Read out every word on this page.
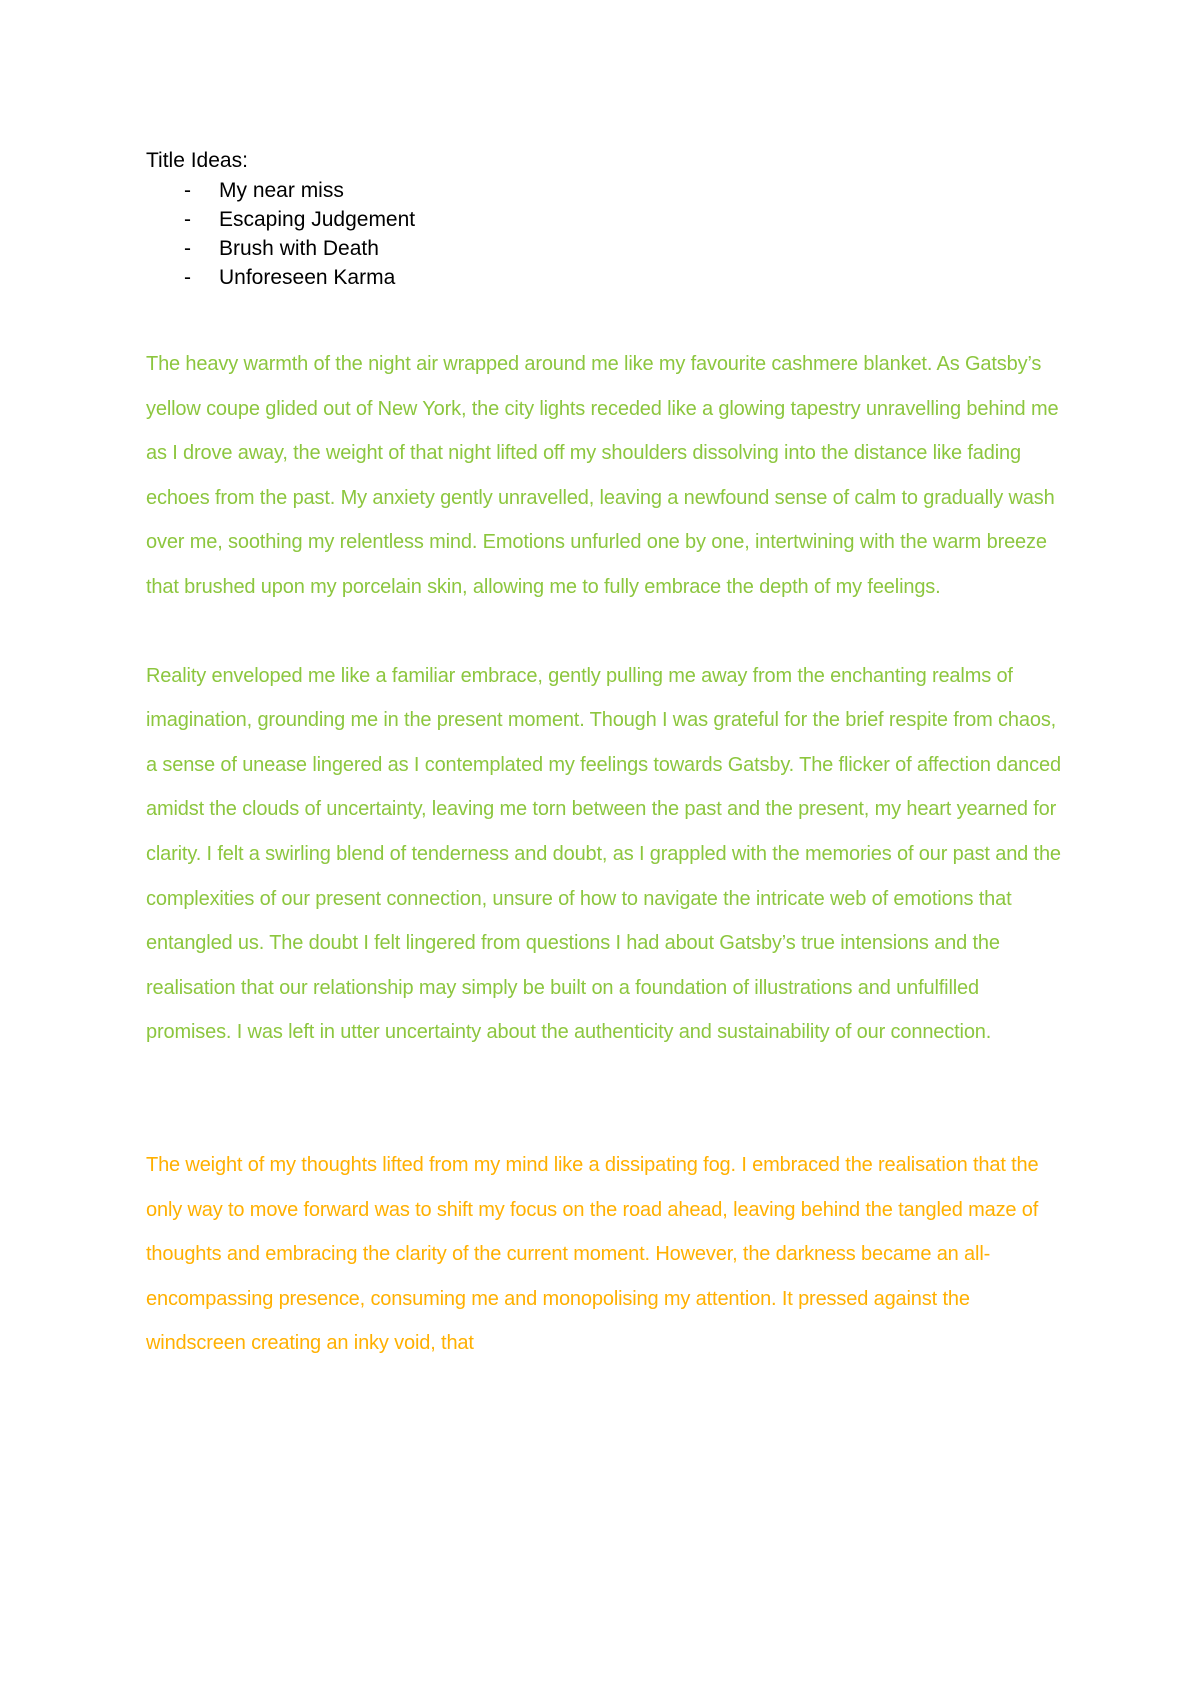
Title Ideas:

- My near miss
- Escaping Judgement
- Brush with Death
- Unforeseen Karma

The heavy warmth of the night air wrapped around me like my favourite cashmere blanket. As Gatsby’s yellow coupe glided out of New York, the city lights receded like a glowing tapestry unravelling behind me as I drove away, the weight of that night lifted off my shoulders dissolving into the distance like fading echoes from the past. My anxiety gently unravelled, leaving a newfound sense of calm to gradually wash over me, soothing my relentless mind. Emotions unfurled one by one, intertwining with the warm breeze that brushed upon my porcelain skin, allowing me to fully embrace the depth of my feelings.

Reality enveloped me like a familiar embrace, gently pulling me away from the enchanting realms of imagination, grounding me in the present moment. Though I was grateful for the brief respite from chaos, a sense of unease lingered as I contemplated my feelings towards Gatsby. The flicker of affection danced amidst the clouds of uncertainty, leaving me torn between the past and the present, my heart yearned for clarity. I felt a swirling blend of tenderness and doubt, as I grappled with the memories of our past and the complexities of our present connection, unsure of how to navigate the intricate web of emotions that entangled us. The doubt I felt lingered from questions I had about Gatsby’s true intensions and the realisation that our relationship may simply be built on a foundation of illustrations and unfulfilled promises. I was left in utter uncertainty about the authenticity and sustainability of our connection.

The weight of my thoughts lifted from my mind like a dissipating fog. I embraced the realisation that the only way to move forward was to shift my focus on the road ahead, leaving behind the tangled maze of thoughts and embracing the clarity of the current moment. However, the darkness became an all-encompassing presence, consuming me and monopolising my attention. It pressed against the windscreen creating an inky void, that
